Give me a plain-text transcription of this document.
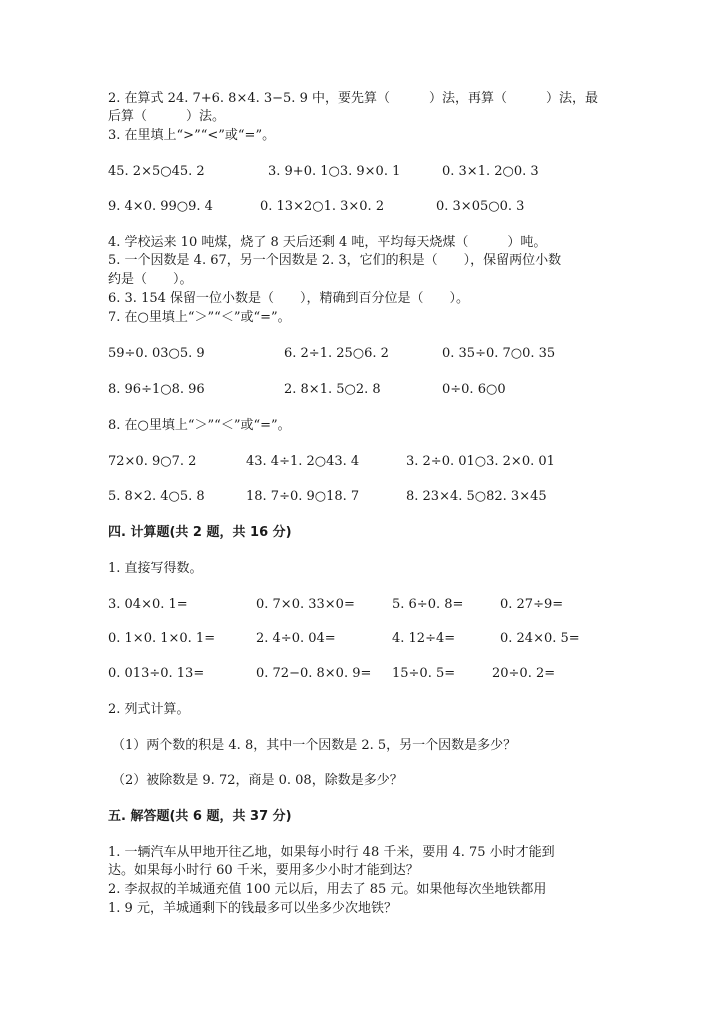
2. 在算式 24. 7+6. 8×4. 3−5. 9 中，要先算（　　　）法，再算（　　　）法，最
后算（　　　）法。
3. 在里填上“>”“<”或“=”。
45. 2×5○45. 2	3. 9+0. 1○3. 9×0. 1	0. 3×1. 2○0. 3
9. 4×0. 99○9. 4	0. 13×2○1. 3×0. 2	0. 3×05○0. 3
4. 学校运来 10 吨煤，烧了 8 天后还剩 4 吨，平均每天烧煤（　　　）吨。
5. 一个因数是 4. 67，另一个因数是 2. 3，它们的积是（　　），保留两位小数
约是（　　）。
6. 3. 154 保留一位小数是（　　），精确到百分位是（　　）。
7. 在○里填上“＞”“＜”或“=”。
59÷0. 03○5. 9	6. 2÷1. 25○6. 2	0. 35÷0. 7○0. 35
8. 96÷1○8. 96	2. 8×1. 5○2. 8	0÷0. 6○0
8. 在○里填上“＞”“＜”或“=”。
72×0. 9○7. 2	43. 4÷1. 2○43. 4	3. 2÷0. 01○3. 2×0. 01
5. 8×2. 4○5. 8	18. 7÷0. 9○18. 7	8. 23×4. 5○82. 3×45
四. 计算题(共 2 题，共 16 分)
1. 直接写得数。
3. 04×0. 1=	0. 7×0. 33×0=	5. 6÷0. 8=	0. 27÷9=
0. 1×0. 1×0. 1=	2. 4÷0. 04=	4. 12÷4=	0. 24×0. 5=
0. 013÷0. 13=	0. 72−0. 8×0. 9= 15÷0. 5=	20÷0. 2=
2. 列式计算。
（1）两个数的积是 4. 8，其中一个因数是 2. 5，另一个因数是多少？
（2）被除数是 9. 72，商是 0. 08，除数是多少？
五. 解答题(共 6 题，共 37 分)
1. 一辆汽车从甲地开往乙地，如果每小时行 48 千米，要用 4. 75 小时才能到
达。如果每小时行 60 千米，要用多少小时才能到达？
2. 李叔叔的羊城通充值 100 元以后，用去了 85 元。如果他每次坐地铁都用
1. 9 元，羊城通剩下的钱最多可以坐多少次地铁？
